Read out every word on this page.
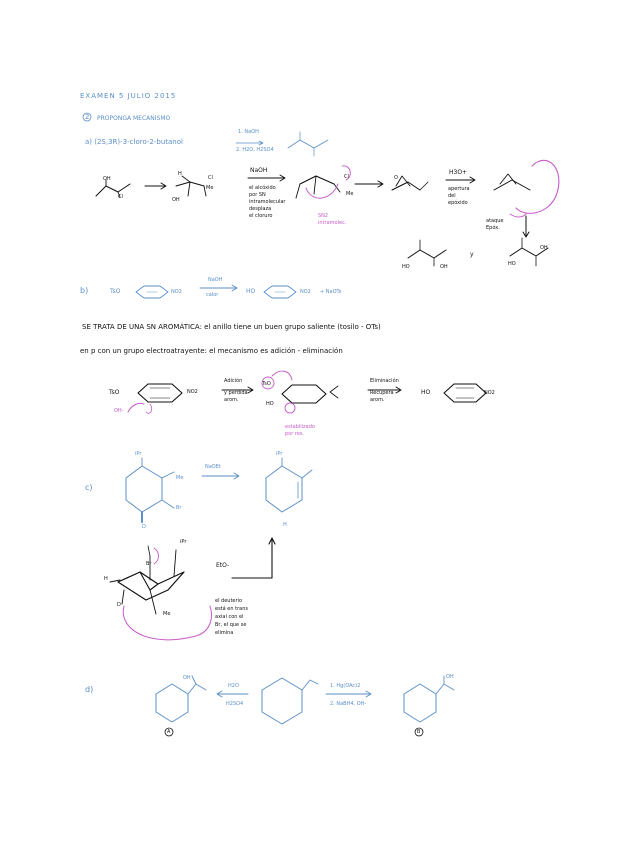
EXAMEN 5 JULIO 2015
2 PROPONGA MECANISMO
a) (2S,3R)-3-cloro-2-butanol
1. NaOH
2. H2O, H2SO4
OH
Cl
H
Cl
Me
OH
NaOH
el alcóxido
por SN
intramolecular
desplaza
el cloruro
Cl
Me
SN2
intramolec.
O
H3O+
apertura
del
epóxido
ataque
Epóx.
HO	OH
y
HO
OH
b)	TsO	NO2
NaOH
calor	HO	NO2 + NaOTs
SE TRATA DE UNA SN AROMÁTICA: el anillo tiene un buen grupo saliente (tosilo - OTs)
en p con un grupo electroatrayente: el mecanismo es adición - eliminación
TsO	NO2
OH-
Adición
y pérdida
arom.
TsO
HO
estabilizado
por res.
Eliminación
Recupera
arom.
HO	NO2
c)
iPr
Me
Br
D
NaOEt
iPr
H
iPr
H
D
Me
Br	EtO-
el deuterio
está en trans
axial con el
Br, el que se
elimina
d)
OH
H2O
H2SO4
1. Hg(OAc)2
2. NaBH4, OH-
OH
A	B
